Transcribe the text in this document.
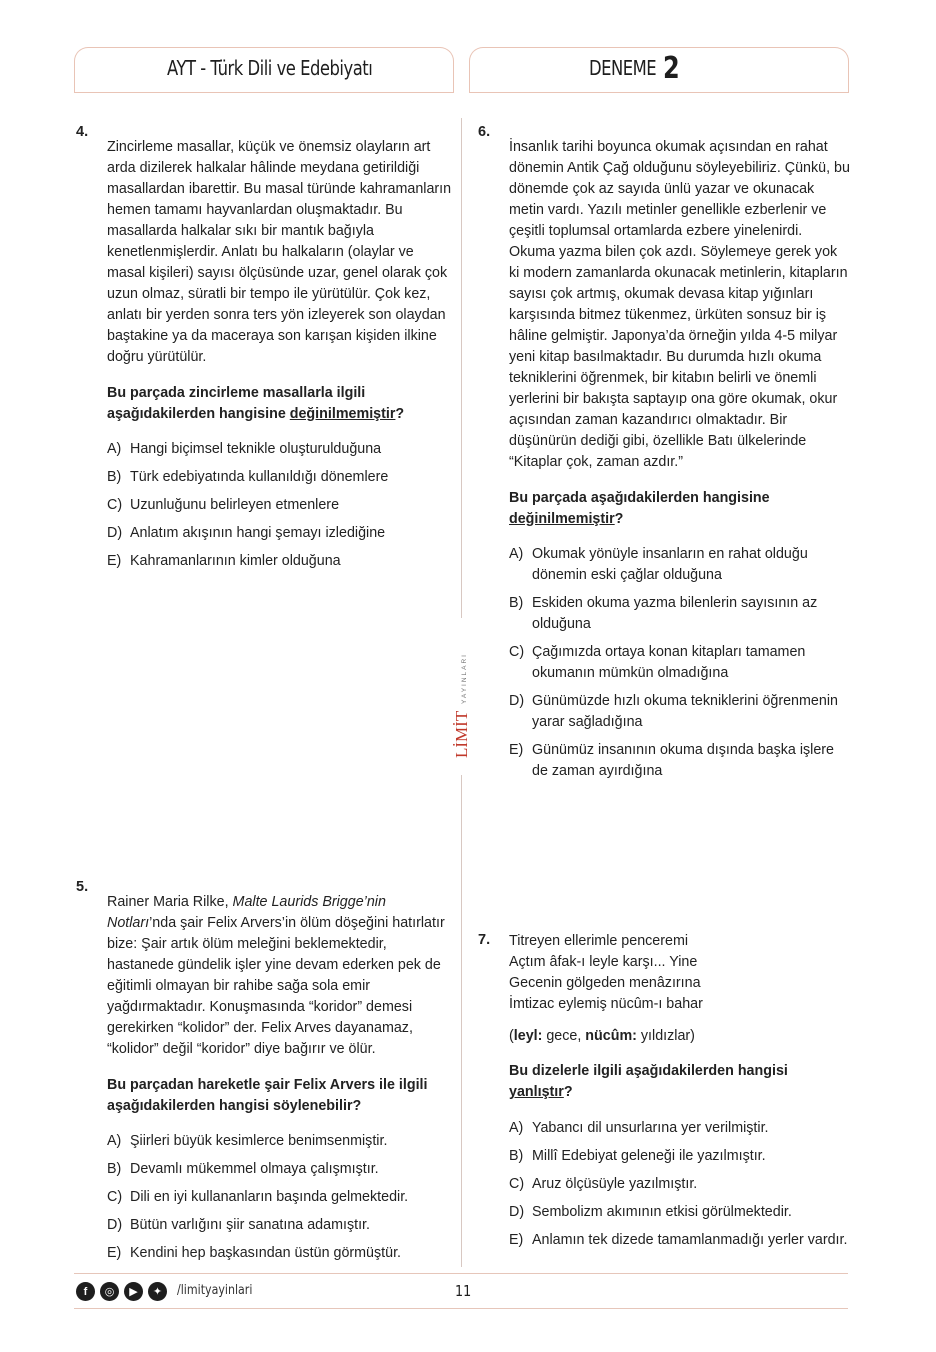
AYT - Türk Dili ve Edebiyatı	DENEME 2
LİMİT
YAYINLARI
4.

Zincirleme masallar, küçük ve önemsiz olayların art arda dizilerek halkalar hâlinde meydana getirildiği masallardan ibarettir. Bu masal türünde kahramanların hemen tamamı hayvanlardan oluşmaktadır. Bu masallarda halkalar sıkı bir mantık bağıyla kenetlenmişlerdir. Anlatı bu halkaların (olaylar ve masal kişileri) sayısı ölçüsünde uzar, genel olarak çok uzun olmaz, süratli bir tempo ile yürütülür. Çok kez, anlatı bir yerden sonra ters yön izleyerek son olaydan baştakine ya da maceraya son karışan kişiden ilkine doğru yürütülür.

Bu parçada zincirleme masallarla ilgili aşağıdakilerden hangisine değinilmemiştir?

A) Hangi biçimsel teknikle oluşturulduğuna
B) Türk edebiyatında kullanıldığı dönemlere
C) Uzunluğunu belirleyen etmenlere
D) Anlatım akışının hangi şemayı izlediğine
E) Kahramanlarının kimler olduğuna
5.

Rainer Maria Rilke, Malte Laurids Brigge’nin Notları’nda şair Felix Arvers’in ölüm döşeğini hatırlatır bize: Şair artık ölüm meleğini beklemektedir, hastanede gündelik işler yine devam ederken pek de eğitimli olmayan bir rahibe sağa sola emir yağdırmaktadır. Konuşmasında “koridor” demesi gerekirken “kolidor” der. Felix Arves dayanamaz, “kolidor” değil “koridor” diye bağırır ve ölür.

Bu parçadan hareketle şair Felix Arvers ile ilgili aşağıdakilerden hangisi söylenebilir?

A) Şiirleri büyük kesimlerce benimsenmiştir.
B) Devamlı mükemmel olmaya çalışmıştır.
C) Dili en iyi kullananların başında gelmektedir.
D) Bütün varlığını şiir sanatına adamıştır.
E) Kendini hep başkasından üstün görmüştür.
6.

İnsanlık tarihi boyunca okumak açısından en rahat dönemin Antik Çağ olduğunu söyleyebiliriz. Çünkü, bu dönemde çok az sayıda ünlü yazar ve okunacak metin vardı. Yazılı metinler genellikle ezberlenir ve çeşitli toplumsal ortamlarda ezbere yinelenirdi. Okuma yazma bilen çok azdı. Söylemeye gerek yok ki modern zamanlarda okunacak metinlerin, kitapların sayısı çok artmış, okumak devasa kitap yığınları karşısında bitmez tükenmez, ürküten sonsuz bir iş hâline gelmiştir. Japonya’da örneğin yılda 4-5 milyar yeni kitap basılmaktadır. Bu durumda hızlı okuma tekniklerini öğrenmek, bir kitabın belirli ve önemli yerlerini bir bakışta saptayıp ona göre okumak, okur açısından zaman kazandırıcı olmaktadır. Bir düşünürün dediği gibi, özellikle Batı ülkelerinde “Kitaplar çok, zaman azdır.”

Bu parçada aşağıdakilerden hangisine değinilmemiştir?

A) Okumak yönüyle insanların en rahat olduğu dönemin eski çağlar olduğuna
B) Eskiden okuma yazma bilenlerin sayısının az olduğuna
C) Çağımızda ortaya konan kitapları tamamen okumanın mümkün olmadığına
D) Günümüzde hızlı okuma tekniklerini öğrenmenin yarar sağladığına
E) Günümüz insanının okuma dışında başka işlere de zaman ayırdığına
7. Titreyen ellerimle penceremi
Açtım âfak-ı leyle karşı... Yine
Gecenin gölgeden menâzırına
İmtizac eylemiş nücûm-ı bahar

(leyl: gece, nücûm: yıldızlar)

Bu dizelerle ilgili aşağıdakilerden hangisi yanlıştır?

A) Yabancı dil unsurlarına yer verilmiştir.
B) Millî Edebiyat geleneği ile yazılmıştır.
C) Aruz ölçüsüyle yazılmıştır.
D) Sembolizm akımının etkisi görülmektedir.
E) Anlamın tek dizede tamamlanmadığı yerler vardır.
f	◎	▶	✦	/limityayinlari	11
